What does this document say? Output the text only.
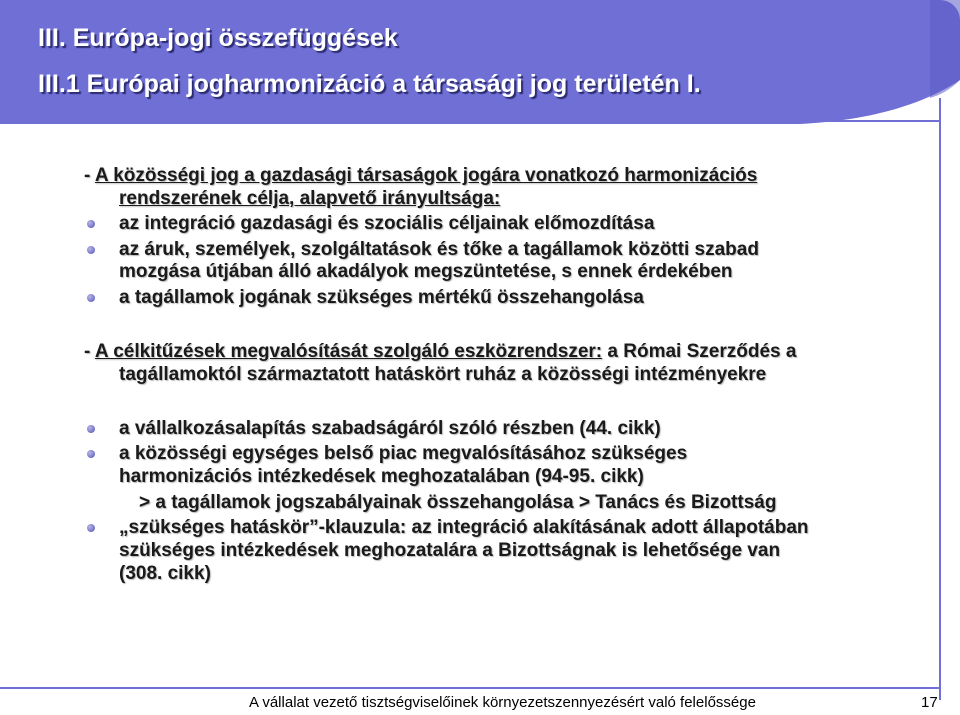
III. Európa-jogi összefüggések
III.1 Európai jogharmonizáció a társasági jog területén I.
- A közösségi jog a gazdasági társaságok jogára vonatkozó harmonizációs
rendszerének célja, alapvető irányultsága:
az integráció gazdasági és szociális céljainak előmozdítása
az áruk, személyek, szolgáltatások és tőke a tagállamok közötti szabad
mozgása útjában álló akadályok megszüntetése, s ennek érdekében
a tagállamok jogának szükséges mértékű összehangolása
- A célkitűzések megvalósítását szolgáló eszközrendszer: a Római Szerződés a
tagállamoktól származtatott hatáskört ruház a közösségi intézményekre
a vállalkozásalapítás szabadságáról szóló részben (44. cikk)
a közösségi egységes belső piac megvalósításához szükséges
harmonizációs intézkedések meghozatalában (94-95. cikk)
> a tagállamok jogszabályainak összehangolása > Tanács és Bizottság
„szükséges hatáskör”-klauzula: az integráció alakításának adott állapotában
szükséges intézkedések meghozatalára a Bizottságnak is lehetősége van
(308. cikk)
A vállalat vezető tisztségviselőinek környezetszennyezésért való felelőssége	17
